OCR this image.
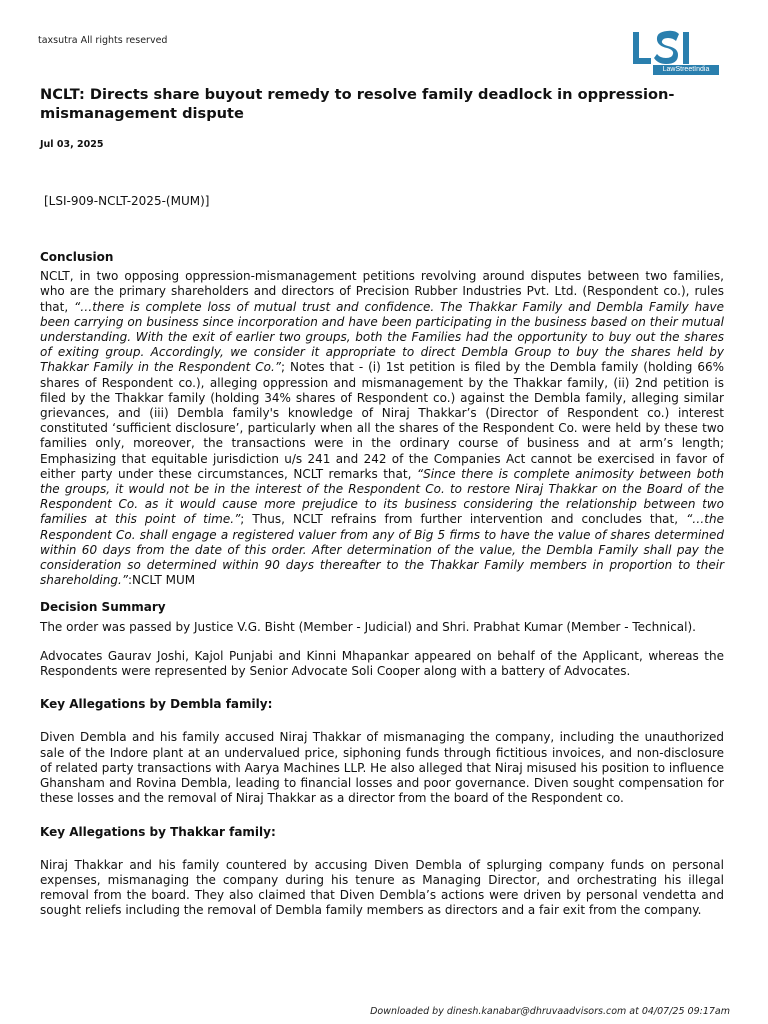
taxsutra All rights reserved
LawStreetIndia
NCLT: Directs share buyout remedy to resolve family deadlock in oppression-mismanagement dispute
Jul 03, 2025
[LSI-909-NCLT-2025-(MUM)]
Conclusion

NCLT, in two opposing oppression-mismanagement petitions revolving around disputes between two families, who are the primary shareholders and directors of Precision Rubber Industries Pvt. Ltd. (Respondent co.), rules that, “…there is complete loss of mutual trust and confidence. The Thakkar Family and Dembla Family have been carrying on business since incorporation and have been participating in the business based on their mutual understanding. With the exit of earlier two groups, both the Families had the opportunity to buy out the shares of exiting group. Accordingly, we consider it appropriate to direct Dembla Group to buy the shares held by Thakkar Family in the Respondent Co.”; Notes that - (i) 1st petition is filed by the Dembla family (holding 66% shares of Respondent co.), alleging oppression and mismanagement by the Thakkar family, (ii) 2nd petition is filed by the Thakkar family (holding 34% shares of Respondent co.) against the Dembla family, alleging similar grievances, and (iii) Dembla family's knowledge of Niraj Thakkar’s (Director of Respondent co.) interest constituted ‘sufficient disclosure’, particularly when all the shares of the Respondent Co. were held by these two families only, moreover, the transactions were in the ordinary course of business and at arm’s length; Emphasizing that equitable jurisdiction u/s 241 and 242 of the Companies Act cannot be exercised in favor of either party under these circumstances, NCLT remarks that, “Since there is complete animosity between both the groups, it would not be in the interest of the Respondent Co. to restore Niraj Thakkar on the Board of the Respondent Co. as it would cause more prejudice to its business considering the relationship between two families at this point of time.”; Thus, NCLT refrains from further intervention and concludes that, “…the Respondent Co. shall engage a registered valuer from any of Big 5 firms to have the value of shares determined within 60 days from the date of this order. After determination of the value, the Dembla Family shall pay the consideration so determined within 90 days thereafter to the Thakkar Family members in proportion to their shareholding.”:NCLT MUM

Decision Summary

The order was passed by Justice V.G. Bisht (Member - Judicial) and Shri. Prabhat Kumar (Member - Technical).

Advocates Gaurav Joshi, Kajol Punjabi and Kinni Mhapankar appeared on behalf of the Applicant, whereas the Respondents were represented by Senior Advocate Soli Cooper along with a battery of Advocates.

Key Allegations by Dembla family:

Diven Dembla and his family accused Niraj Thakkar of mismanaging the company, including the unauthorized sale of the Indore plant at an undervalued price, siphoning funds through fictitious invoices, and non-disclosure of related party transactions with Aarya Machines LLP. He also alleged that Niraj misused his position to influence Ghansham and Rovina Dembla, leading to financial losses and poor governance. Diven sought compensation for these losses and the removal of Niraj Thakkar as a director from the board of the Respondent co.

Key Allegations by Thakkar family:

Niraj Thakkar and his family countered by accusing Diven Dembla of splurging company funds on personal expenses, mismanaging the company during his tenure as Managing Director, and orchestrating his illegal removal from the board. They also claimed that Diven Dembla’s actions were driven by personal vendetta and sought reliefs including the removal of Dembla family members as directors and a fair exit from the company.

Downloaded by dinesh.kanabar@dhruvaadvisors.com at 04/07/25 09:17am
